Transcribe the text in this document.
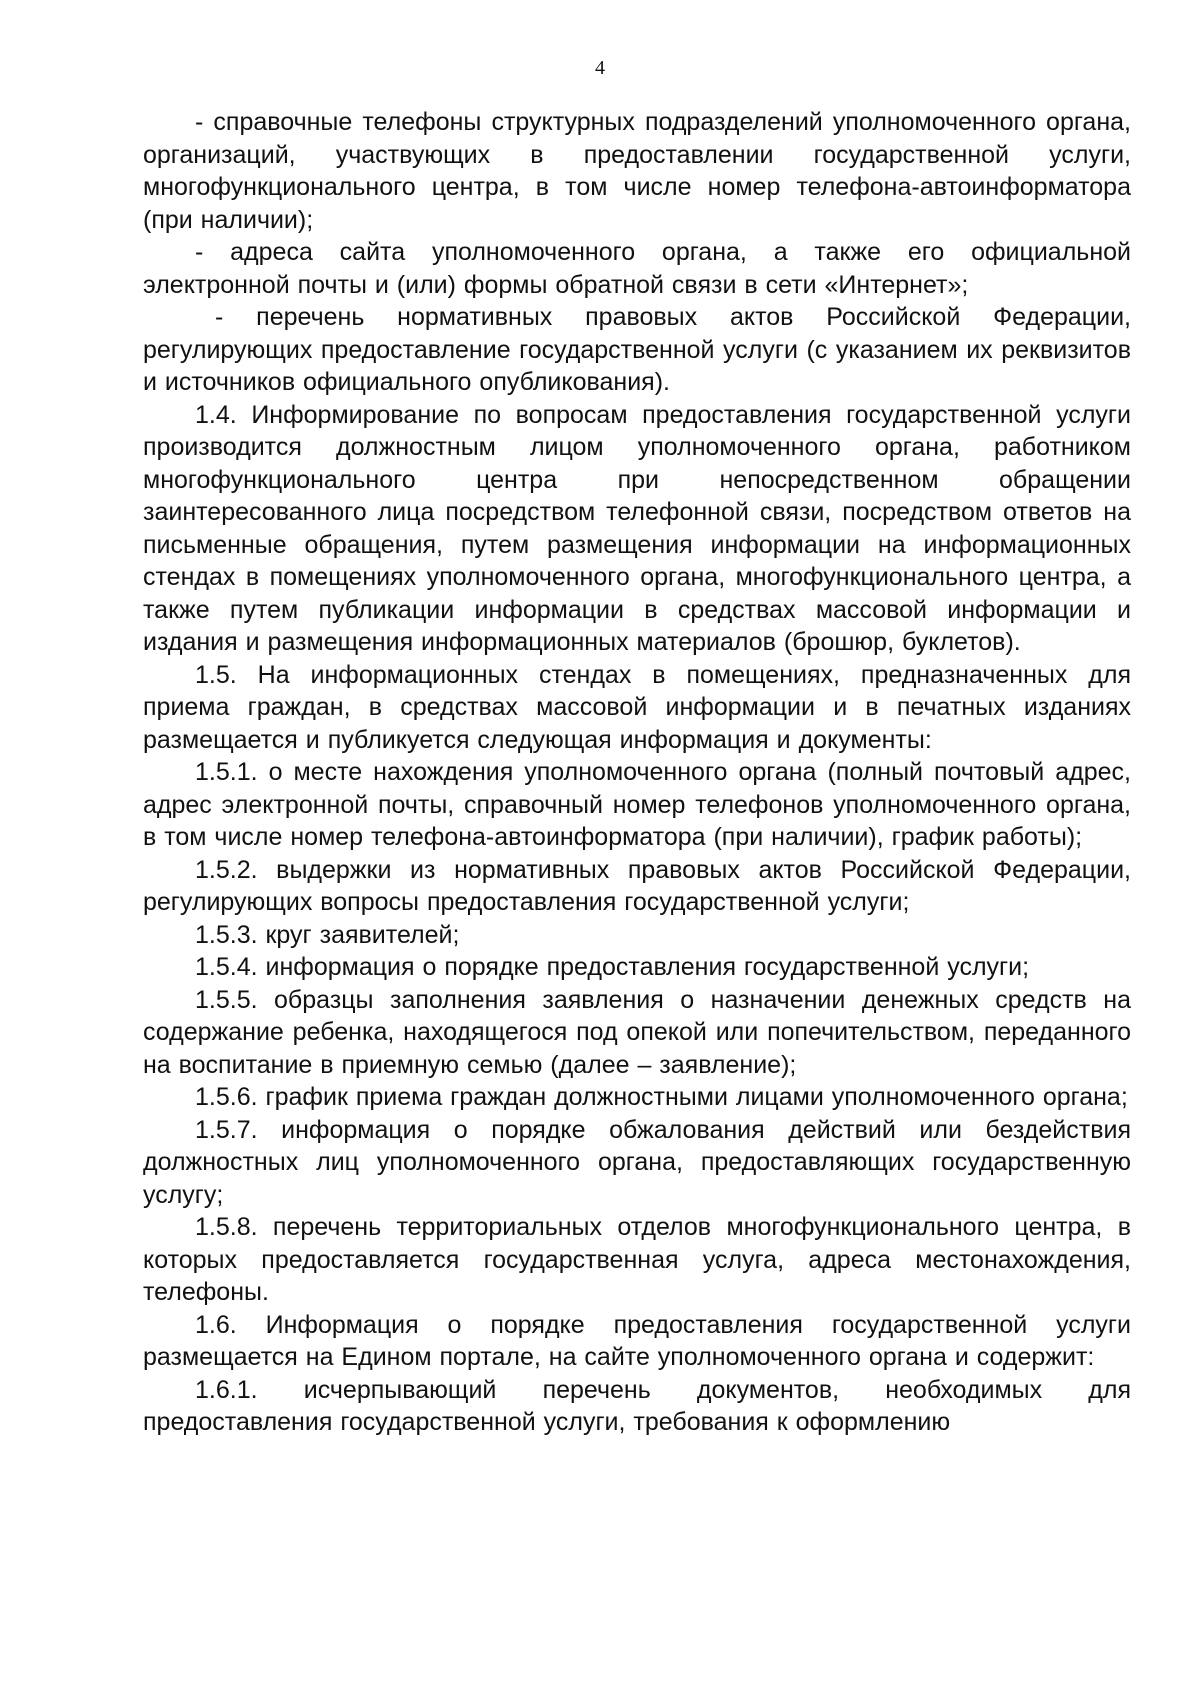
4

- справочные телефоны структурных подразделений уполномоченного органа, организаций, участвующих в предоставлении государственной услуги, многофункционального центра, в том числе номер телефона-автоинформатора (при наличии);

- адреса сайта уполномоченного органа, а также его официальной электронной почты и (или) формы обратной связи в сети «Интернет»;

- перечень нормативных правовых актов Российской Федерации, регулирующих предоставление государственной услуги (с указанием их реквизитов и источников официального опубликования).

1.4. Информирование по вопросам предоставления государственной услуги производится должностным лицом уполномоченного органа, работником многофункционального центра при непосредственном обращении заинтересованного лица посредством телефонной связи, посредством ответов на письменные обращения, путем размещения информации на информационных стендах в помещениях уполномоченного органа, многофункционального центра, а также путем публикации информации в средствах массовой информации и издания и размещения информационных материалов (брошюр, буклетов).

1.5. На информационных стендах в помещениях, предназначенных для приема граждан, в средствах массовой информации и в печатных изданиях размещается и публикуется следующая информация и документы:

1.5.1. о месте нахождения уполномоченного органа (полный почтовый адрес, адрес электронной почты, справочный номер телефонов уполномоченного органа, в том числе номер телефона-автоинформатора (при наличии), график работы);

1.5.2. выдержки из нормативных правовых актов Российской Федерации, регулирующих вопросы предоставления государственной услуги;

1.5.3. круг заявителей;

1.5.4. информация о порядке предоставления государственной услуги;

1.5.5. образцы заполнения заявления о назначении денежных средств на содержание ребенка, находящегося под опекой или попечительством, переданного на воспитание в приемную семью (далее – заявление);

1.5.6. график приема граждан должностными лицами уполномоченного органа;

1.5.7. информация о порядке обжалования действий или бездействия должностных лиц уполномоченного органа, предоставляющих государственную услугу;

1.5.8. перечень территориальных отделов многофункционального центра, в которых предоставляется государственная услуга, адреса местонахождения, телефоны.

1.6. Информация о порядке предоставления государственной услуги размещается на Едином портале, на сайте уполномоченного органа и содержит:

1.6.1. исчерпывающий перечень документов, необходимых для предоставления государственной услуги, требования к оформлению
